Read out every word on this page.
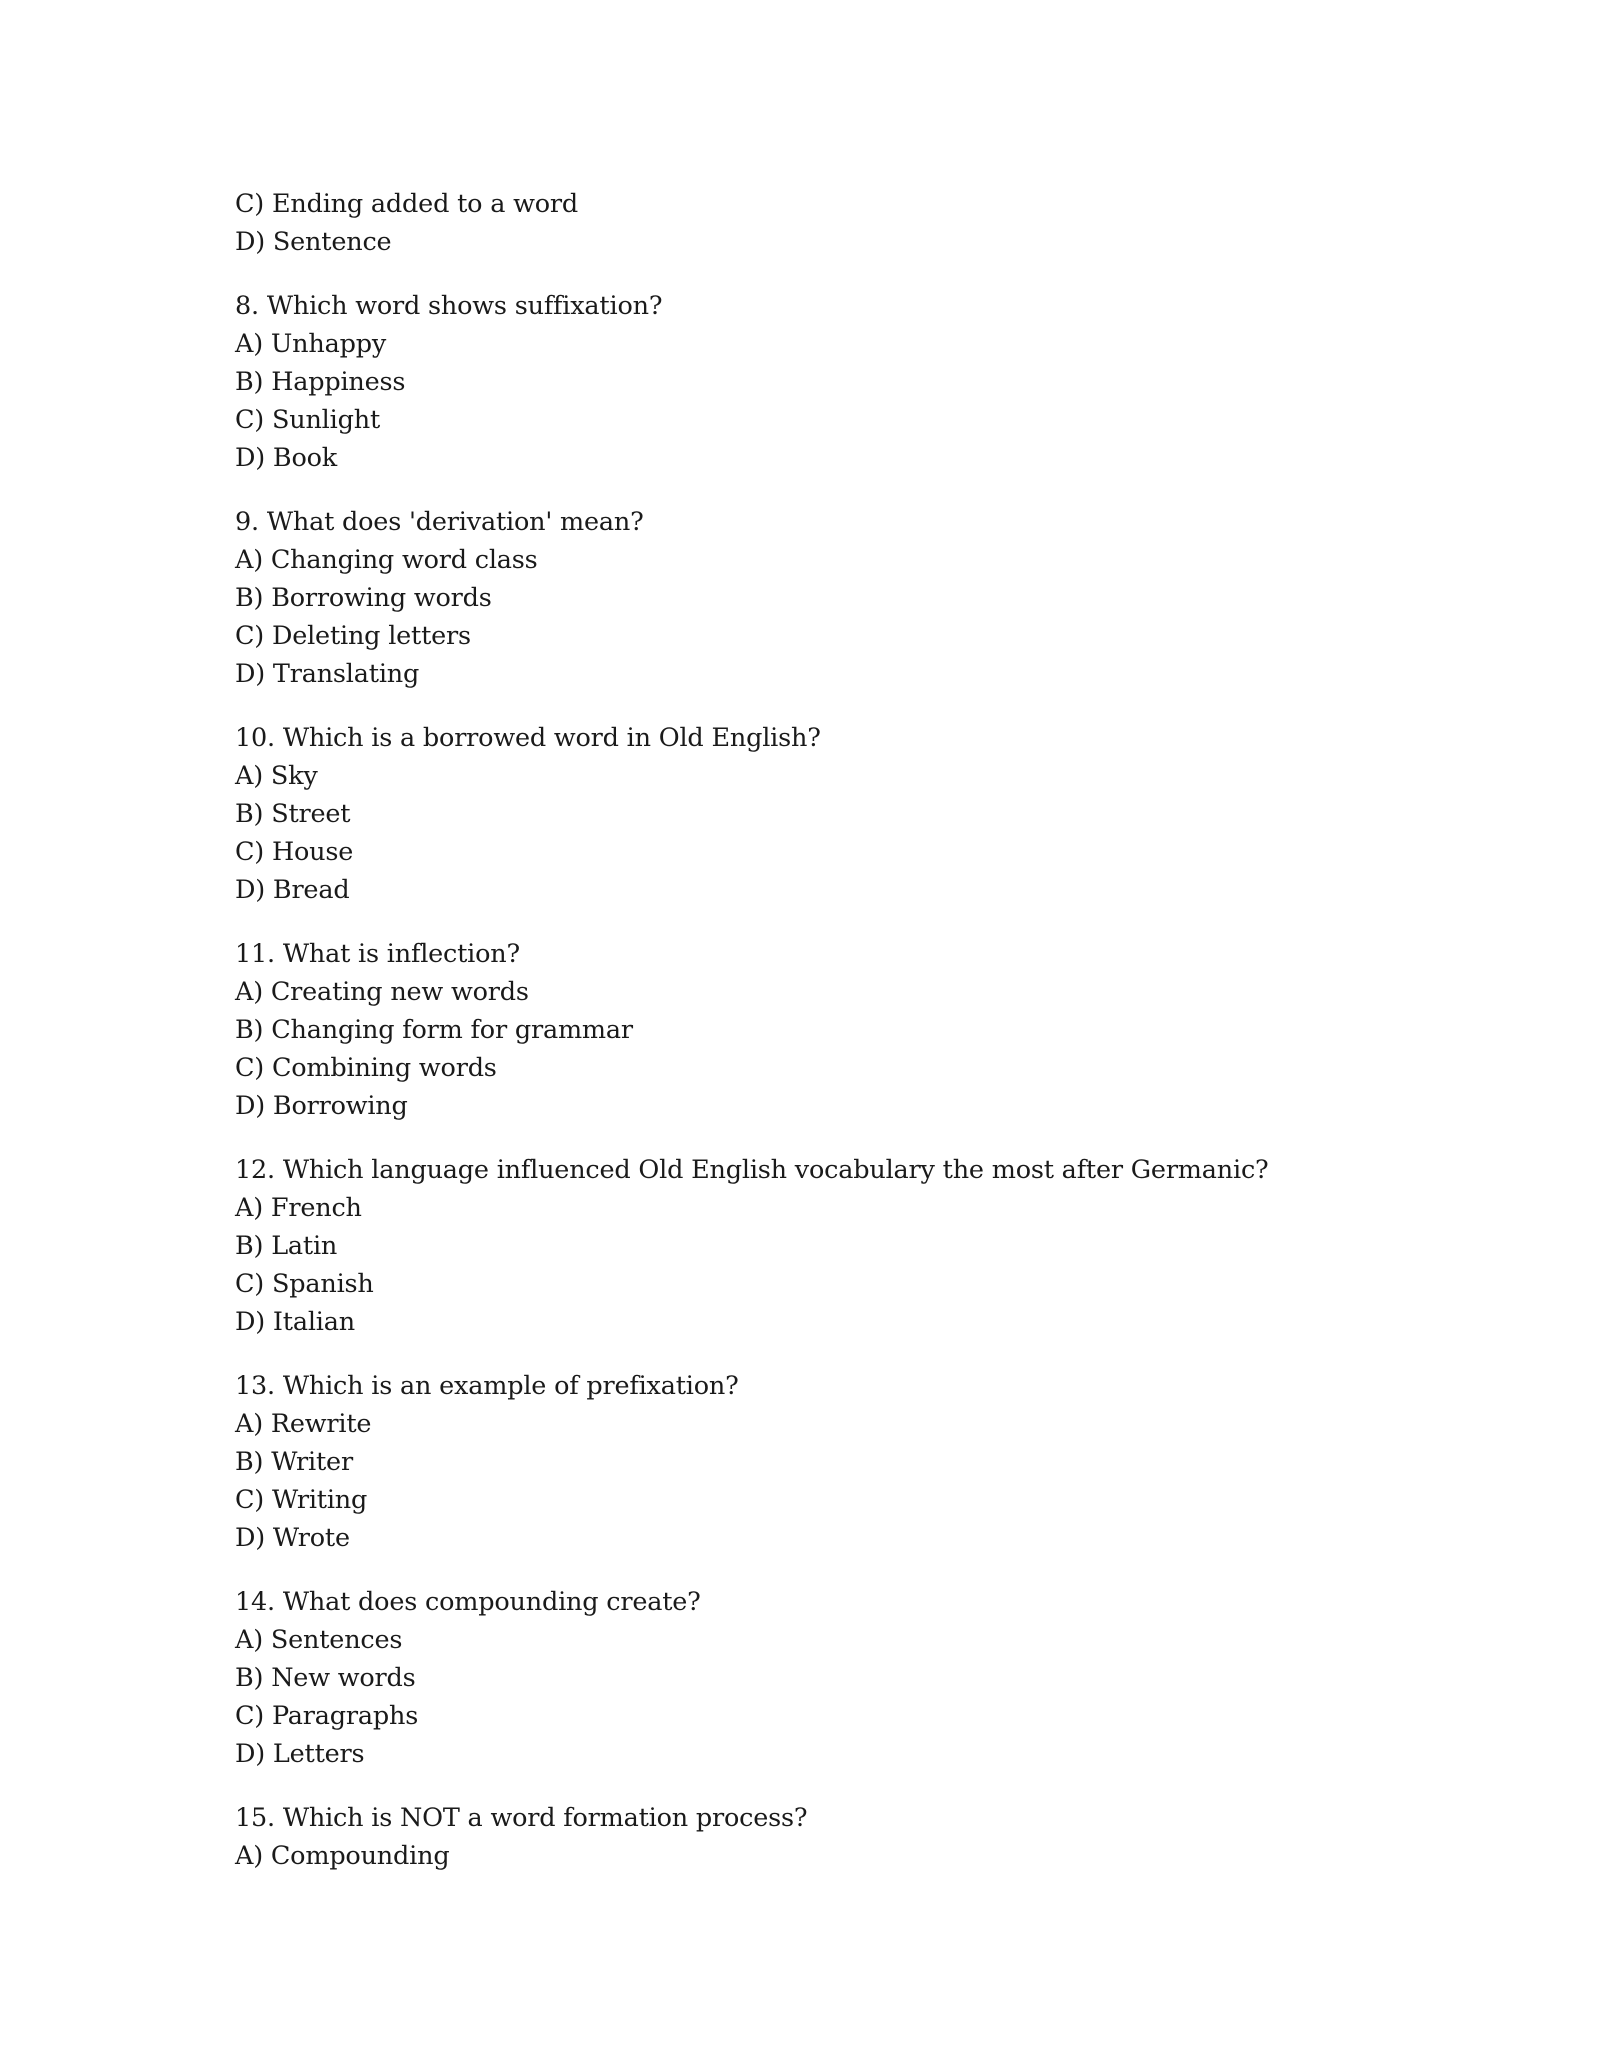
C) Ending added to a word
D) Sentence
8. Which word shows suffixation?
A) Unhappy
B) Happiness
C) Sunlight
D) Book
9. What does 'derivation' mean?
A) Changing word class
B) Borrowing words
C) Deleting letters
D) Translating
10. Which is a borrowed word in Old English?
A) Sky
B) Street
C) House
D) Bread
11. What is inflection?
A) Creating new words
B) Changing form for grammar
C) Combining words
D) Borrowing
12. Which language influenced Old English vocabulary the most after Germanic?
A) French
B) Latin
C) Spanish
D) Italian
13. Which is an example of prefixation?
A) Rewrite
B) Writer
C) Writing
D) Wrote
14. What does compounding create?
A) Sentences
B) New words
C) Paragraphs
D) Letters
15. Which is NOT a word formation process?
A) Compounding
